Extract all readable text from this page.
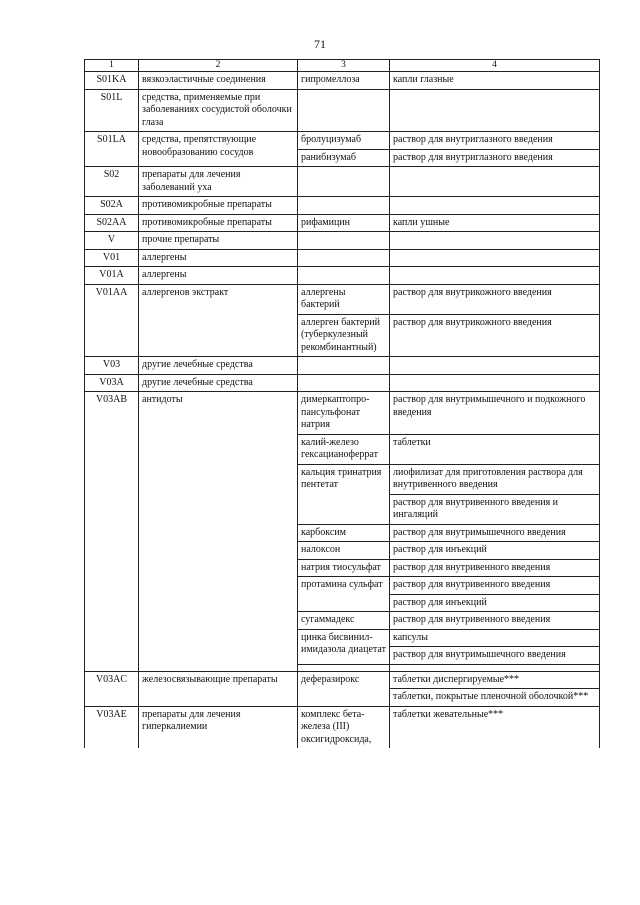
71
1	2	3	4
S01KA	вязкоэластичные соединения	гипромеллоза	капли глазные
S01L	средства, применяемые при заболеваниях сосудистой оболочки глаза		
S01LA	средства, препятствующие новообразованию сосудов	бролуцизумаб	раствор для внутриглазного введения
		ранибизумаб	раствор для внутриглазного введения
S02	препараты для лечения заболеваний уха		
S02A	противомикробные препараты		
S02AA	противомикробные препараты	рифамицин	капли ушные
V	прочие препараты		
V01	аллергены		
V01A	аллергены		
V01AA	аллергенов экстракт	аллергены бактерий	раствор для внутрикожного введения
		аллерген бактерий (туберкулезный рекомбинантный)	раствор для внутрикожного введения
V03	другие лечебные средства		
V03A	другие лечебные средства		
V03AB	антидоты	димеркаптопро-пансульфонат натрия	раствор для внутримышечного и подкожного введения
		калий-железо гексацианоферрат	таблетки
		кальция тринатрия пентетат	лиофилизат для приготовления раствора для внутривенного введения
			раствор для внутривенного введения и ингаляций
		карбоксим	раствор для внутримышечного введения
		налоксон	раствор для инъекций
		натрия тиосульфат	раствор для внутривенного введения
		протамина сульфат	раствор для внутривенного введения
			раствор для инъекций
		сугаммадекс	раствор для внутривенного введения
		цинка бисвинил-имидазола диацетат	капсулы
			раствор для внутримышечного введения

V03AC	железосвязывающие препараты	деферазирокс	таблетки диспергируемые***
			таблетки, покрытые пленочной оболочкой***
V03AE	препараты для лечения гиперкалиемии	комплекс бета-железа (III) оксигидроксида,	таблетки жевательные***
